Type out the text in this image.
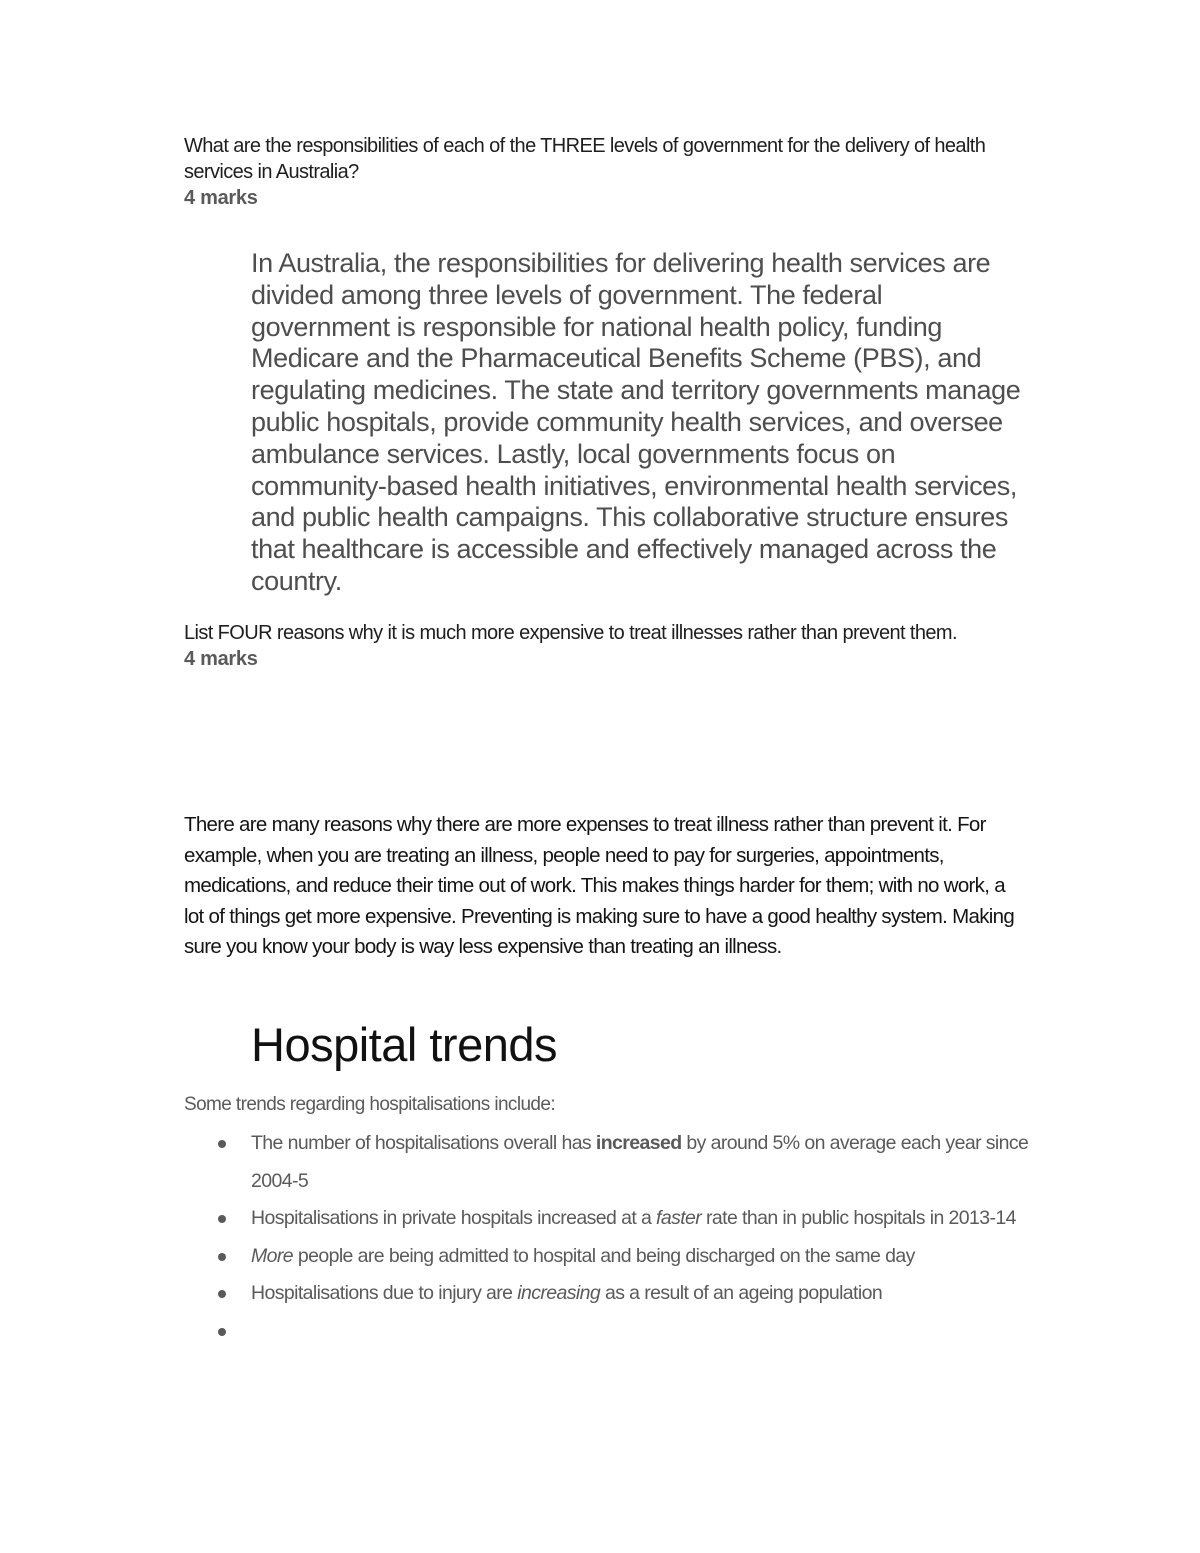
What are the responsibilities of each of the THREE levels of government for the delivery of health services in Australia?
4 marks
In Australia, the responsibilities for delivering health services are divided among three levels of government. The federal government is responsible for national health policy, funding Medicare and the Pharmaceutical Benefits Scheme (PBS), and regulating medicines. The state and territory governments manage public hospitals, provide community health services, and oversee ambulance services. Lastly, local governments focus on community-based health initiatives, environmental health services, and public health campaigns. This collaborative structure ensures that healthcare is accessible and effectively managed across the country.
List FOUR reasons why it is much more expensive to treat illnesses rather than prevent them.
4 marks
There are many reasons why there are more expenses to treat illness rather than prevent it. For example, when you are treating an illness, people need to pay for surgeries, appointments, medications, and reduce their time out of work. This makes things harder for them; with no work, a lot of things get more expensive. Preventing is making sure to have a good healthy system. Making sure you know your body is way less expensive than treating an illness.
Hospital trends
Some trends regarding hospitalisations include:
The number of hospitalisations overall has increased by around 5% on average each year since 2004-5
Hospitalisations in private hospitals increased at a faster rate than in public hospitals in 2013-14
More people are being admitted to hospital and being discharged on the same day
Hospitalisations due to injury are increasing as a result of an ageing population
